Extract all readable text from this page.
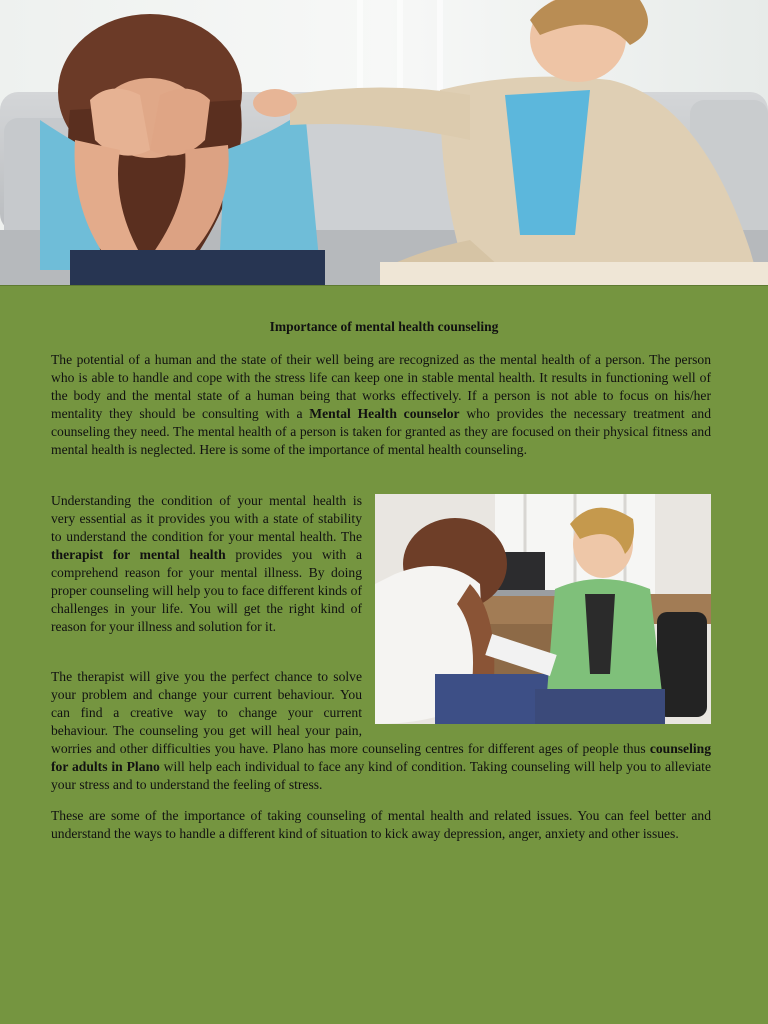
Importance of mental health counseling

The potential of a human and the state of their well being are recognized as the mental health of a person. The person who is able to handle and cope with the stress life can keep one in stable mental health. It results in functioning well of the body and the mental state of a human being that works effectively. If a person is not able to focus on his/her mentality they should be consulting with a Mental Health counselor who provides the necessary treatment and counseling they need. The mental health of a person is taken for granted as they are focused on their physical fitness and mental health is neglected. Here is some of the importance of mental health counseling.

Understanding the condition of your mental health is very essential as it provides you with a state of stability to understand the condition for your mental health. The therapist for mental health provides you with a comprehend reason for your mental illness. By doing proper counseling will help you to face different kinds of challenges in your life. You will get the right kind of reason for your illness and solution for it.

The therapist will give you the perfect chance to solve your problem and change your current behaviour. You can find a creative way to change your current behaviour. The counseling you get will heal your pain, worries and other difficulties you have. Plano has more counseling centres for different ages of people thus counseling for adults in Plano will help each individual to face any kind of condition. Taking counseling will help you to alleviate your stress and to understand the feeling of stress.

These are some of the importance of taking counseling of mental health and related issues. You can feel better and understand the ways to handle a different kind of situation to kick away depression, anger, anxiety and other issues.
